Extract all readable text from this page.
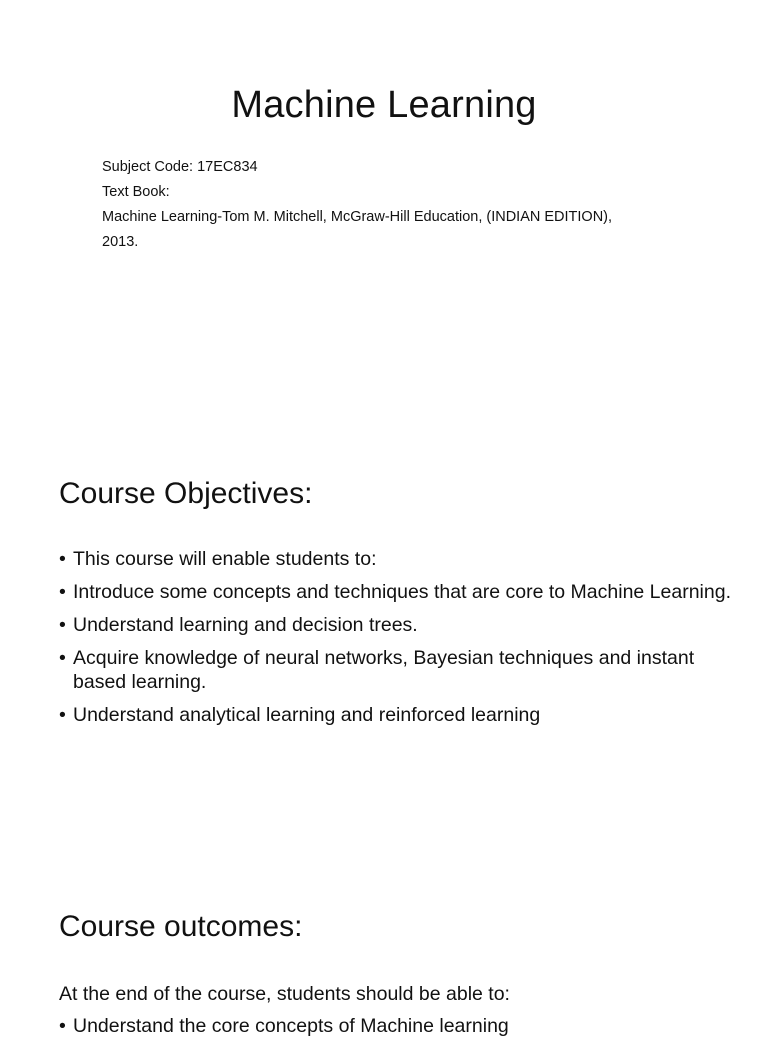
Machine Learning
Subject Code: 17EC834
Text Book:
Machine Learning-Tom M. Mitchell, McGraw-Hill Education, (INDIAN EDITION),
2013.
Course Objectives:
• This course will enable students to:
• Introduce some concepts and techniques that are core to Machine Learning.
• Understand learning and decision trees.
• Acquire knowledge of neural networks, Bayesian techniques and instant based learning.
• Understand analytical learning and reinforced learning
Course outcomes:
At the end of the course, students should be able to:
• Understand the core concepts of Machine learning
